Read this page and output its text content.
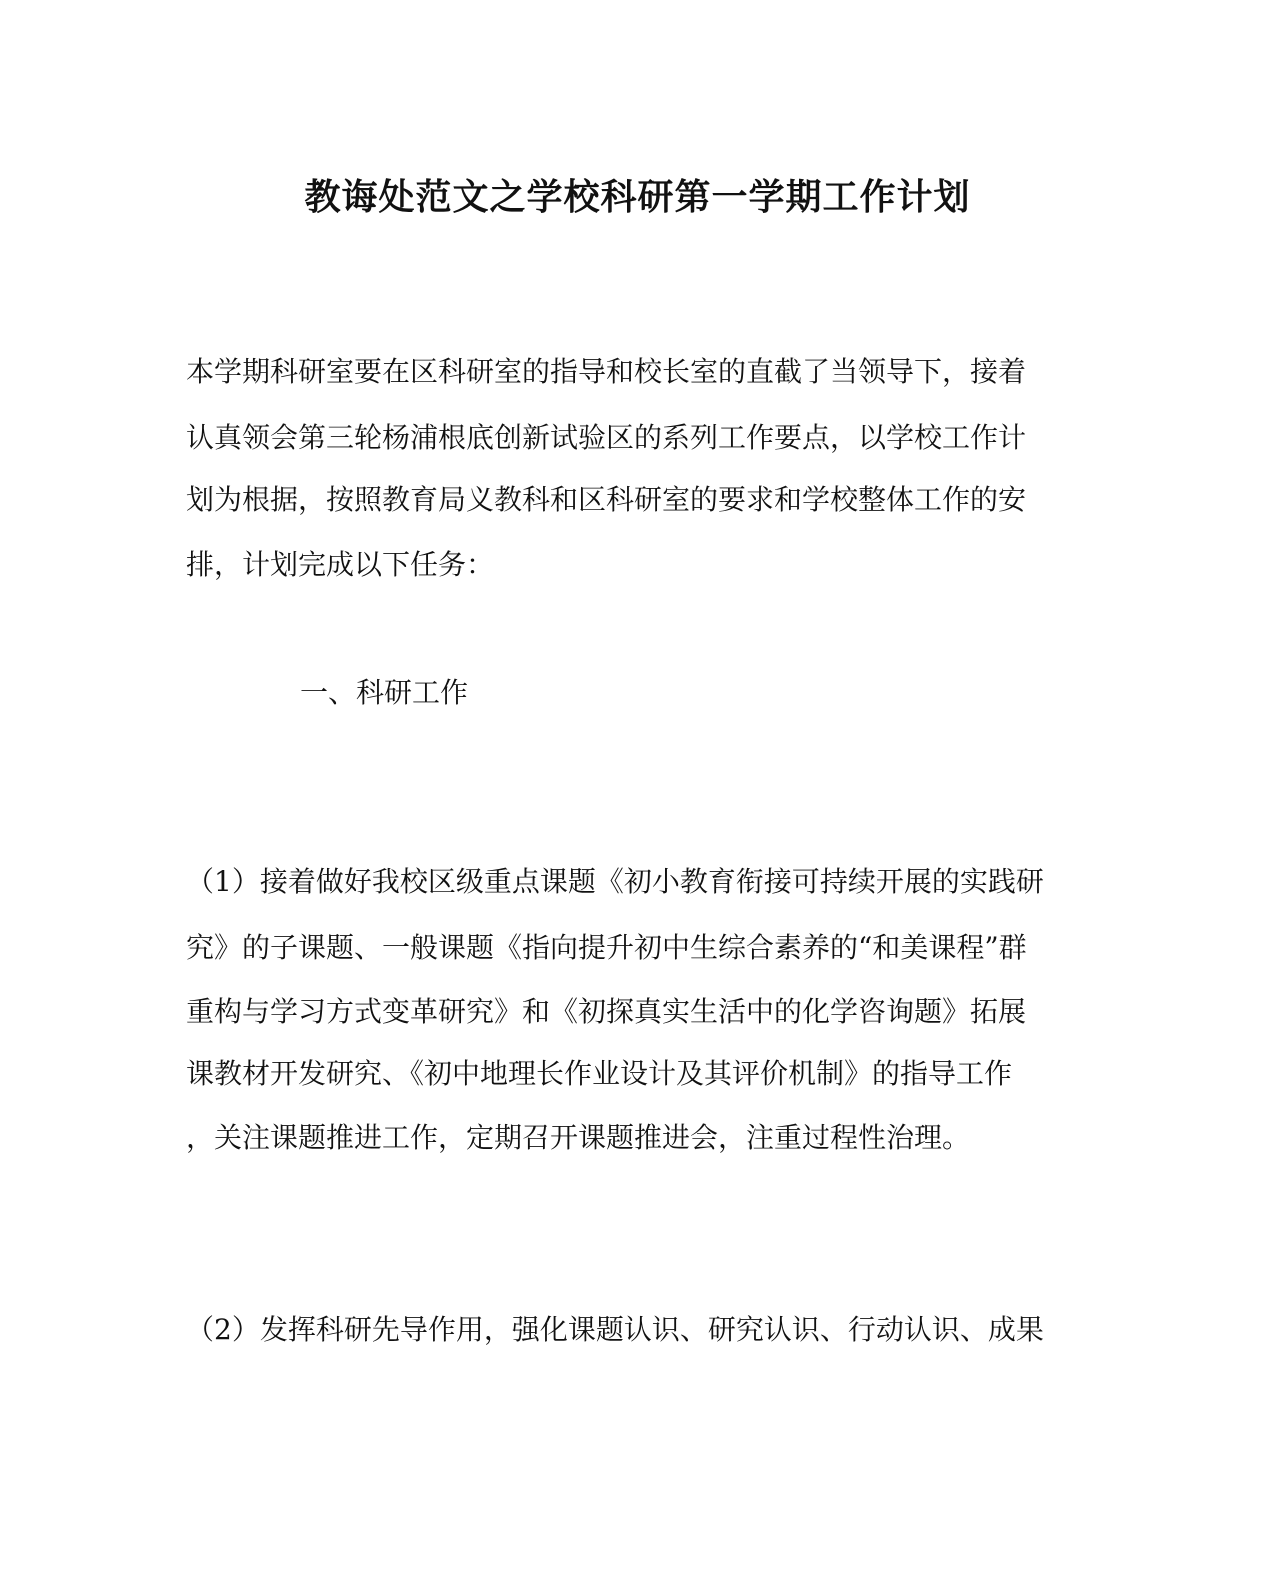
教诲处范文之学校科研第一学期工作计划
本学期科研室要在区科研室的指导和校长室的直截了当领导下，接着
认真领会第三轮杨浦根底创新试验区的系列工作要点，以学校工作计
划为根据，按照教育局义教科和区科研室的要求和学校整体工作的安
排，计划完成以下任务：
一、科研工作
（1）接着做好我校区级重点课题《初小教育衔接可持续开展的实践研
究》的子课题、一般课题《指向提升初中生综合素养的“和美课程”群
重构与学习方式变革研究》和《初探真实生活中的化学咨询题》拓展
课教材开发研究、《初中地理长作业设计及其评价机制》的指导工作
，关注课题推进工作，定期召开课题推进会，注重过程性治理。
（2）发挥科研先导作用，强化课题认识、研究认识、行动认识、成果
